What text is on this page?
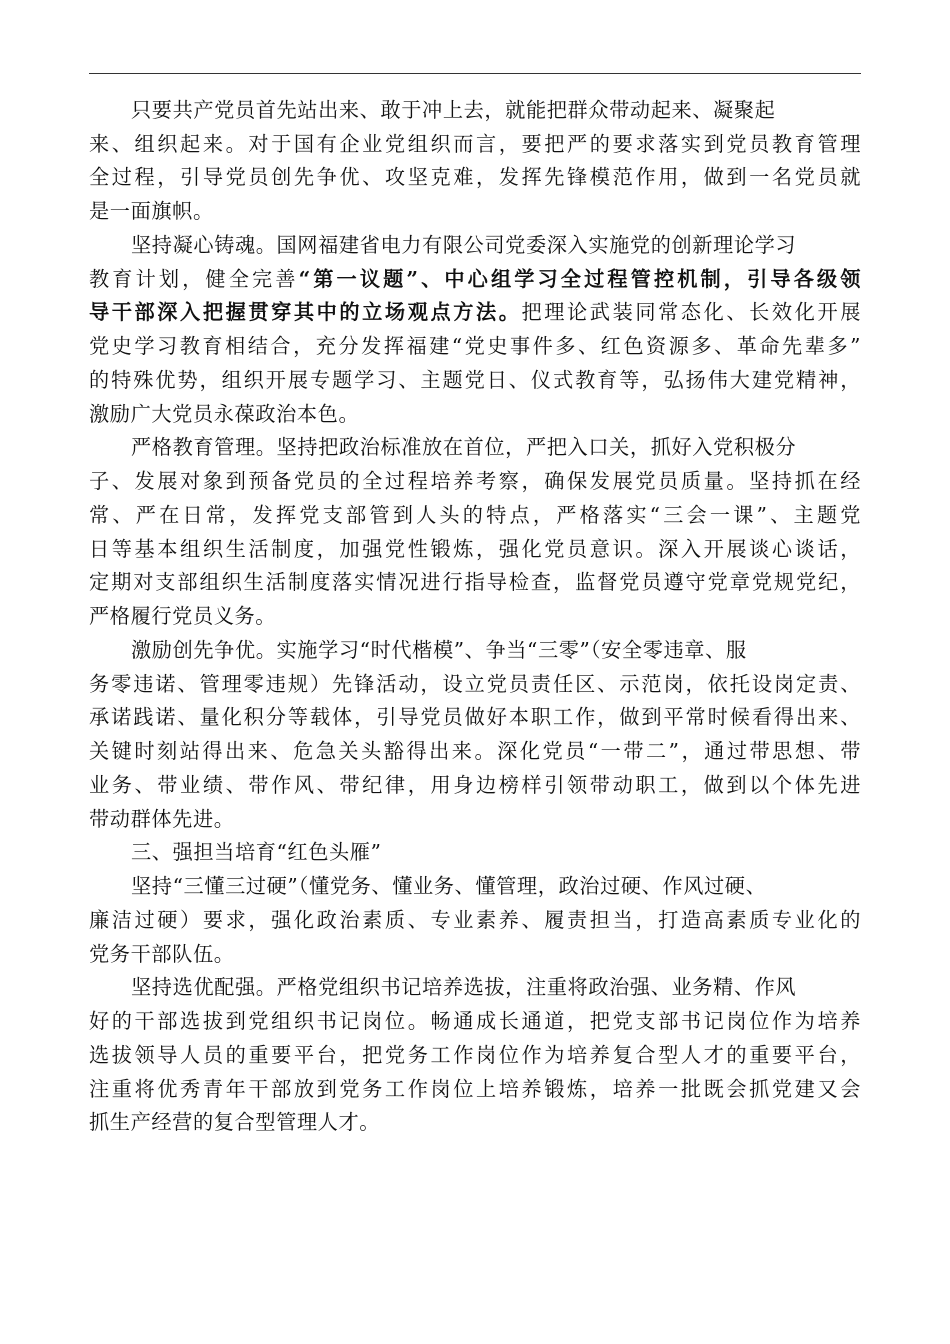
只要共产党员首先站出来、敢于冲上去，就能把群众带动起来、凝聚起
来、组织起来。对于国有企业党组织而言，要把严的要求落实到党员教育管理
全过程，引导党员创先争优、攻坚克难，发挥先锋模范作用，做到一名党员就
是一面旗帜。
坚持凝心铸魂。国网福建省电力有限公司党委深入实施党的创新理论学习
教育计划，健全完善“第一议题”、中心组学习全过程管控机制，引导各级领
导干部深入把握贯穿其中的立场观点方法。把理论武装同常态化、长效化开展
党史学习教育相结合，充分发挥福建“党史事件多、红色资源多、革命先辈多”
的特殊优势，组织开展专题学习、主题党日、仪式教育等，弘扬伟大建党精神，
激励广大党员永葆政治本色。
严格教育管理。坚持把政治标准放在首位，严把入口关，抓好入党积极分
子、发展对象到预备党员的全过程培养考察，确保发展党员质量。坚持抓在经
常、严在日常，发挥党支部管到人头的特点，严格落实“三会一课”、主题党
日等基本组织生活制度，加强党性锻炼，强化党员意识。深入开展谈心谈话，
定期对支部组织生活制度落实情况进行指导检查，监督党员遵守党章党规党纪，
严格履行党员义务。
激励创先争优。实施学习“时代楷模”、争当“三零”（安全零违章、服
务零违诺、管理零违规）先锋活动，设立党员责任区、示范岗，依托设岗定责、
承诺践诺、量化积分等载体，引导党员做好本职工作，做到平常时候看得出来、
关键时刻站得出来、危急关头豁得出来。深化党员“一带二”，通过带思想、带
业务、带业绩、带作风、带纪律，用身边榜样引领带动职工，做到以个体先进
带动群体先进。
三、强担当培育“红色头雁”
坚持“三懂三过硬”（懂党务、懂业务、懂管理，政治过硬、作风过硬、
廉洁过硬）要求，强化政治素质、专业素养、履责担当，打造高素质专业化的
党务干部队伍。
坚持选优配强。严格党组织书记培养选拔，注重将政治强、业务精、作风
好的干部选拔到党组织书记岗位。畅通成长通道，把党支部书记岗位作为培养
选拔领导人员的重要平台，把党务工作岗位作为培养复合型人才的重要平台，
注重将优秀青年干部放到党务工作岗位上培养锻炼，培养一批既会抓党建又会
抓生产经营的复合型管理人才。
